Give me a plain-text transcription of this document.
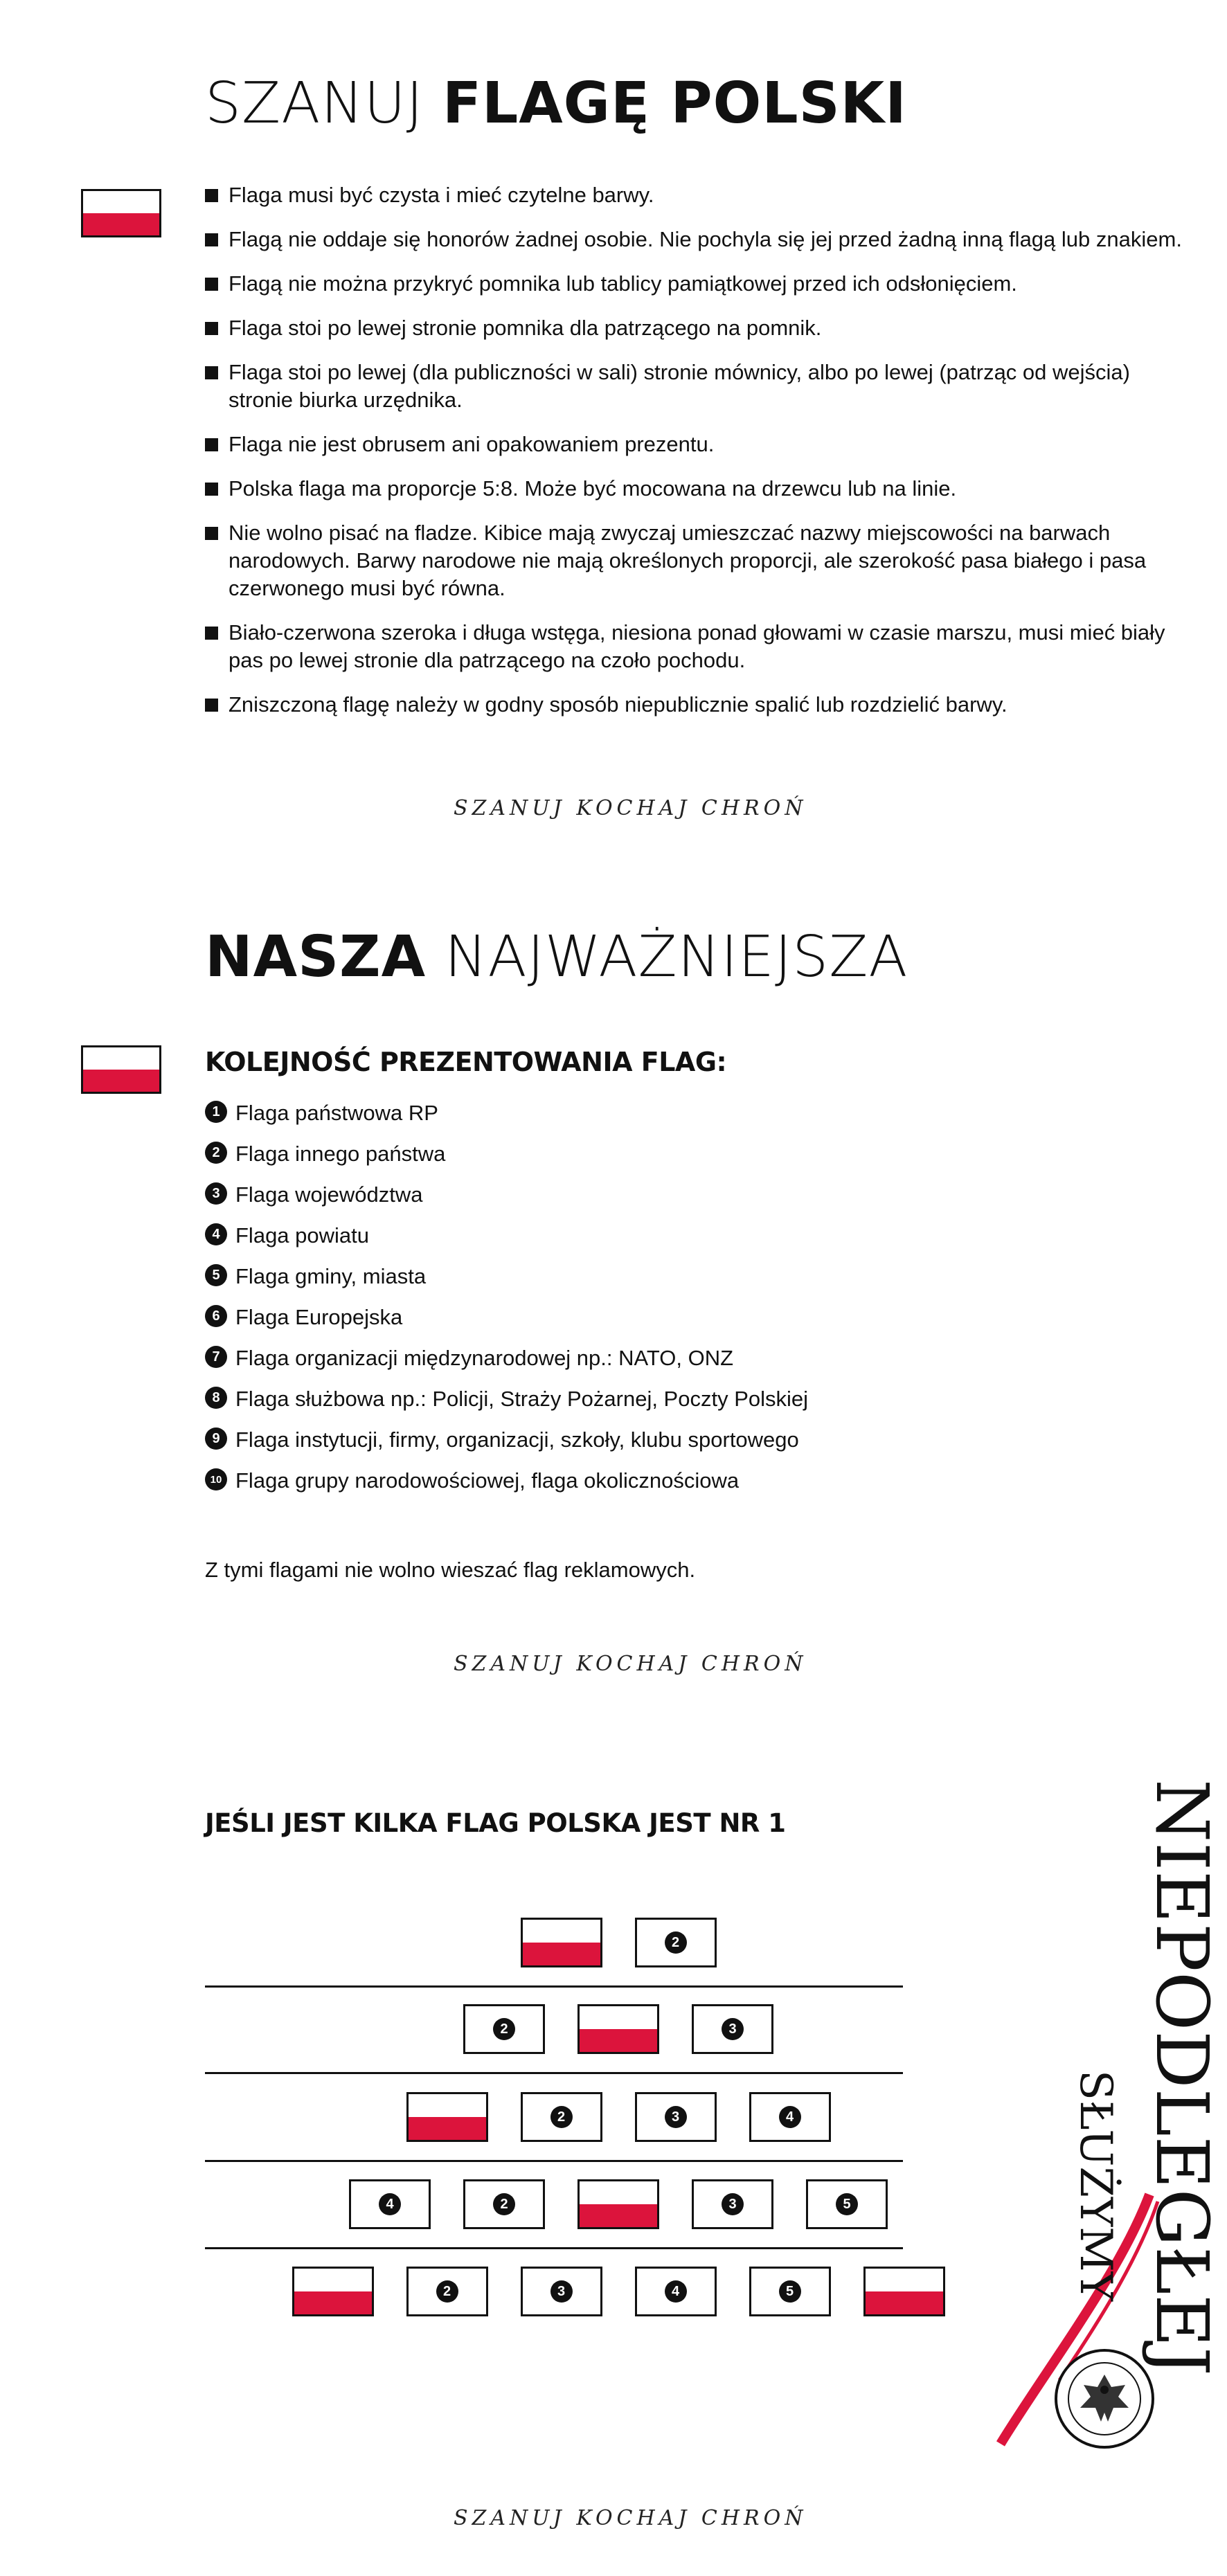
SZANUJ FLAGĘ POLSKI
Flaga musi być czysta i mieć czytelne barwy.
Flagą nie oddaje się honorów żadnej osobie. Nie pochyla się jej przed żadną inną flagą lub znakiem.
Flagą nie można przykryć pomnika lub tablicy pamiątkowej przed ich odsłonięciem.
Flaga stoi po lewej stronie pomnika dla patrzącego na pomnik.
Flaga stoi po lewej (dla publiczności w sali) stronie mównicy, albo po lewej (patrząc od wejścia) stronie biurka urzędnika.
Flaga nie jest obrusem ani opakowaniem prezentu.
Polska flaga ma proporcje 5:8. Może być mocowana na drzewcu lub na linie.
Nie wolno pisać na fladze. Kibice mają zwyczaj umieszczać nazwy miejscowości na barwach narodowych. Barwy narodowe nie mają określonych proporcji, ale szerokość pasa białego i pasa czerwonego musi być równa.
Biało-czerwona szeroka i długa wstęga, niesiona ponad głowami w czasie marszu, musi mieć biały pas po lewej stronie dla patrzącego na czoło pochodu.
Zniszczoną flagę należy w godny sposób niepublicznie spalić lub rozdzielić barwy.
SZANUJ KOCHAJ CHROŃ
NASZA NAJWAŻNIEJSZA
KOLEJNOŚĆ PREZENTOWANIA FLAG:
1 Flaga państwowa RP
2 Flaga innego państwa
3 Flaga województwa
4 Flaga powiatu
5 Flaga gminy, miasta
6 Flaga Europejska
7 Flaga organizacji międzynarodowej np.: NATO, ONZ
8 Flaga służbowa np.: Policji, Straży Pożarnej, Poczty Polskiej
9 Flaga instytucji, firmy, organizacji, szkoły, klubu sportowego
10 Flaga grupy narodowościowej, flaga okolicznościowa
Z tymi flagami nie wolno wieszać flag reklamowych.
SZANUJ KOCHAJ CHROŃ
JEŚLI JEST KILKA FLAG POLSKA JEST NR 1
2
2	3
2	3	4
4	2	3	5
2	3	4	5
SZANUJ KOCHAJ CHROŃ
NIEPODLEGŁEJ
SŁUŻYMY
